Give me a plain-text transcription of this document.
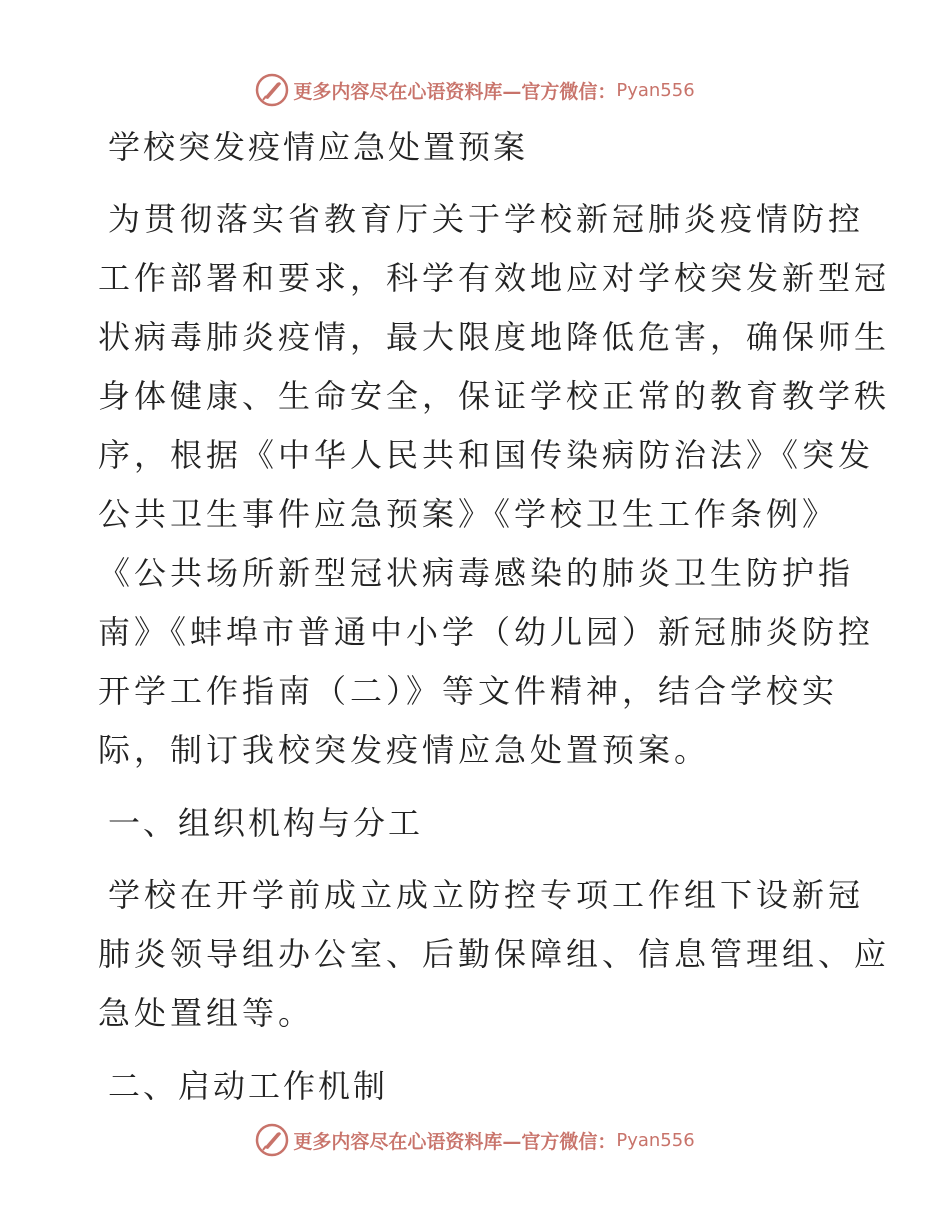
更多内容尽在心语资料库—官方微信： Pyan556
学校突发疫情应急处置预案
为贯彻落实省教育厅关于学校新冠肺炎疫情防控
工作部署和要求，科学有效地应对学校突发新型冠
状病毒肺炎疫情，最大限度地降低危害，确保师生
身体健康、生命安全，保证学校正常的教育教学秩
序，根据《中华人民共和国传染病防治法》《突发
公共卫生事件应急预案》《学校卫生工作条例》
《公共场所新型冠状病毒感染的肺炎卫生防护指
南》《蚌埠市普通中小学（幼儿园）新冠肺炎防控
开学工作指南（二）》等文件精神，结合学校实
际，制订我校突发疫情应急处置预案。
一、组织机构与分工
学校在开学前成立成立防控专项工作组下设新冠
肺炎领导组办公室、后勤保障组、信息管理组、应
急处置组等。
二、启动工作机制
更多内容尽在心语资料库—官方微信： Pyan556
